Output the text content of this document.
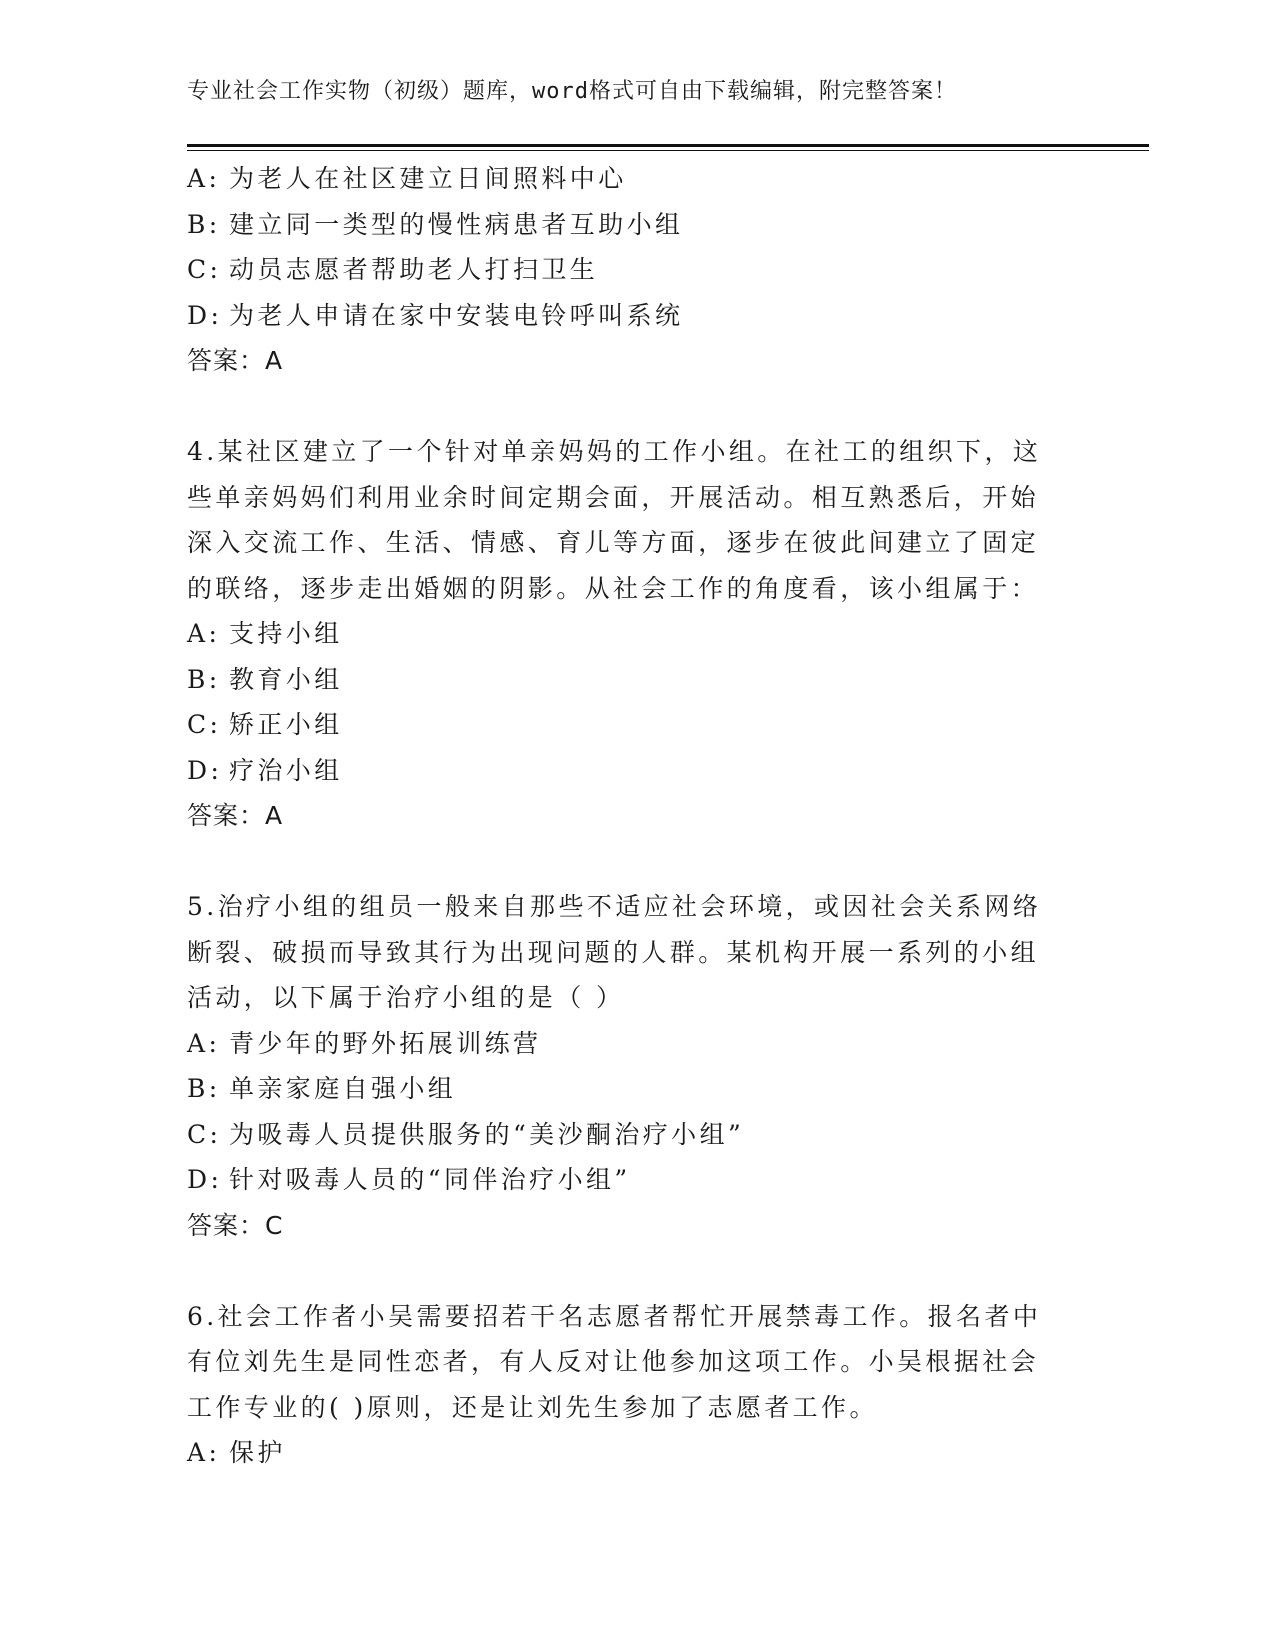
专业社会工作实物（初级）题库，word格式可自由下载编辑，附完整答案！
A: 为老人在社区建立日间照料中心
B: 建立同一类型的慢性病患者互助小组
C: 动员志愿者帮助老人打扫卫生
D: 为老人申请在家中安装电铃呼叫系统
答案：A
4.某社区建立了一个针对单亲妈妈的工作小组。在社工的组织下，这
些单亲妈妈们利用业余时间定期会面，开展活动。相互熟悉后，开始
深入交流工作、生活、情感、育儿等方面，逐步在彼此间建立了固定
的联络，逐步走出婚姻的阴影。从社会工作的角度看，该小组属于：
A: 支持小组
B: 教育小组
C: 矫正小组
D: 疗治小组
答案：A
5.治疗小组的组员一般来自那些不适应社会环境，或因社会关系网络
断裂、破损而导致其行为出现问题的人群。某机构开展一系列的小组
活动，以下属于治疗小组的是（ ）
A: 青少年的野外拓展训练营
B: 单亲家庭自强小组
C: 为吸毒人员提供服务的“美沙酮治疗小组”
D: 针对吸毒人员的“同伴治疗小组”
答案：C
6.社会工作者小吴需要招若干名志愿者帮忙开展禁毒工作。报名者中
有位刘先生是同性恋者，有人反对让他参加这项工作。小吴根据社会
工作专业的( )原则，还是让刘先生参加了志愿者工作。
A: 保护
